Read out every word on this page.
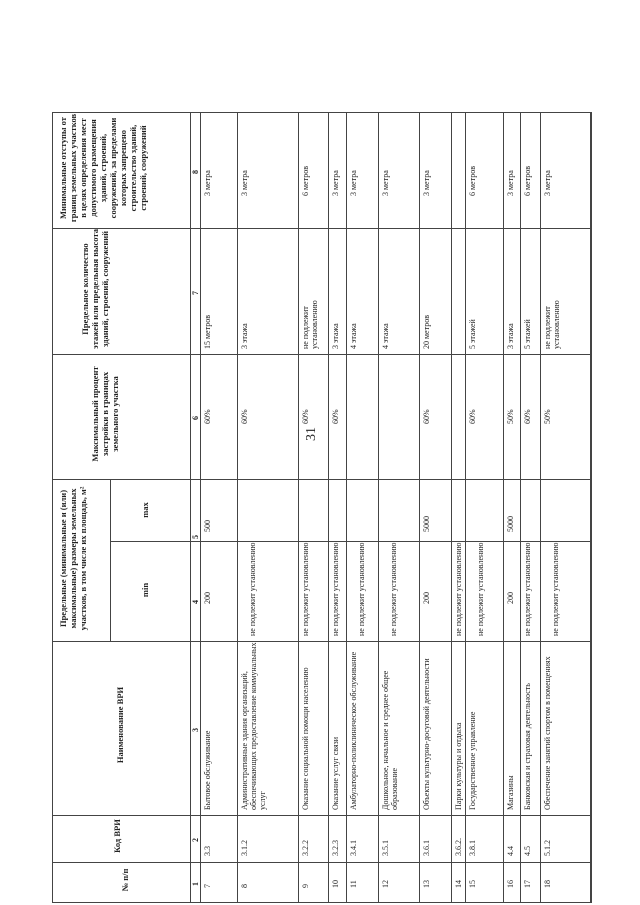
31
№ п/п
Код ВРИ
Наименование ВРИ
Предельные (минимальные и (или) максимальные) размеры земельных участков, в том числе их площадь, м²	min
max
Максимальный процент застройки в границах земельного участка
Предельное количество этажей или предельная высота зданий, строений, сооружений
Минимальные отступы от границ земельных участков в целях определения мест допустимого размещения зданий, строений, сооружений, за пределами которых запрещено строительство зданий, строений, сооружений
1
2
3
4
5
6
7
8
7
3.3
Бытовое обслуживание
200
500
60%
15 метров
3 метра
8
3.1.2
Административные здания организаций, обеспечивающих предоставление коммунальных услуг
не подлежит установлению
60%
3 этажа
3 метра
9
3.2.2
Оказание социальной помощи населению
не подлежит установлению
60%
не подлежит установлению
6 метров
10
3.2.3
Оказание услуг связи
не подлежит установлению
60%
3 этажа
3 метра
11
3.4.1
Амбулаторно-поликлиническое обслуживание
не подлежит установлению
4 этажа
3 метра
12
3.5.1
Дошкольное, начальное и среднее общее образование
не подлежит установлению
4 этажа
3 метра
13
3.6.1
Объекты культурно-досуговой деятельности
200
5000
60%
20 метров
3 метра
14
3.6.2.
Парки культуры и отдыха
не подлежит установлению
15
3.8.1
Государственное управление
не подлежит установлению
60%
5 этажей
6 метров
16
4.4
Магазины
200
5000
50%
3 этажа
3 метра
17
4.5
Банковская и страховая деятельность
не подлежит установлению
60%
5 этажей
6 метров
18
5.1.2
Обеспечение занятий спортом в помещениях
не подлежит установлению
50%
не подлежит установлению
3 метра
